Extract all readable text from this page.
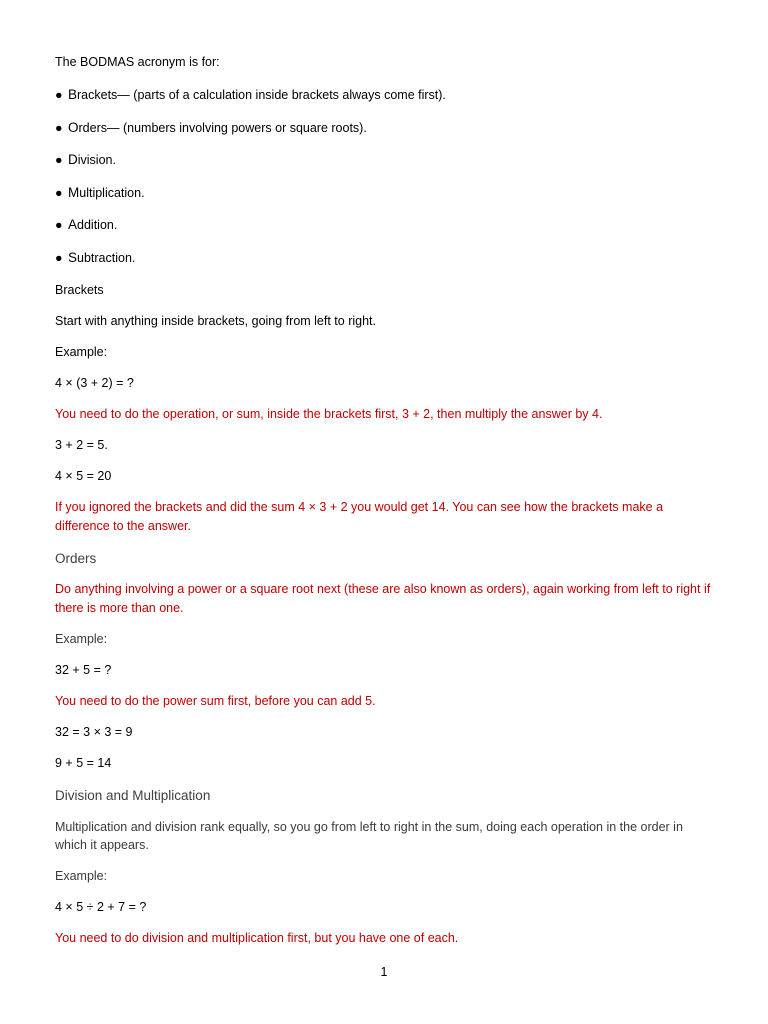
The BODMAS acronym is for:

● Brackets— (parts of a calculation inside brackets always come first).

● Orders— (numbers involving powers or square roots).

● Division.

● Multiplication.

● Addition.

● Subtraction.

Brackets

Start with anything inside brackets, going from left to right.

Example:

4 × (3 + 2) = ?

You need to do the operation, or sum, inside the brackets first, 3 + 2, then multiply the answer by 4.

3 + 2 = 5.

4 × 5 = 20

If you ignored the brackets and did the sum 4 × 3 + 2 you would get 14. You can see how the brackets make a difference to the answer.

Orders

Do anything involving a power or a square root next (these are also known as orders), again working from left to right if there is more than one.

Example:

32 + 5 = ?

You need to do the power sum first, before you can add 5.

32 = 3 × 3 = 9

9 + 5 = 14

Division and Multiplication

Multiplication and division rank equally, so you go from left to right in the sum, doing each operation in the order in which it appears.

Example:

4 × 5 ÷ 2 + 7 = ?

You need to do division and multiplication first, but you have one of each.

1
